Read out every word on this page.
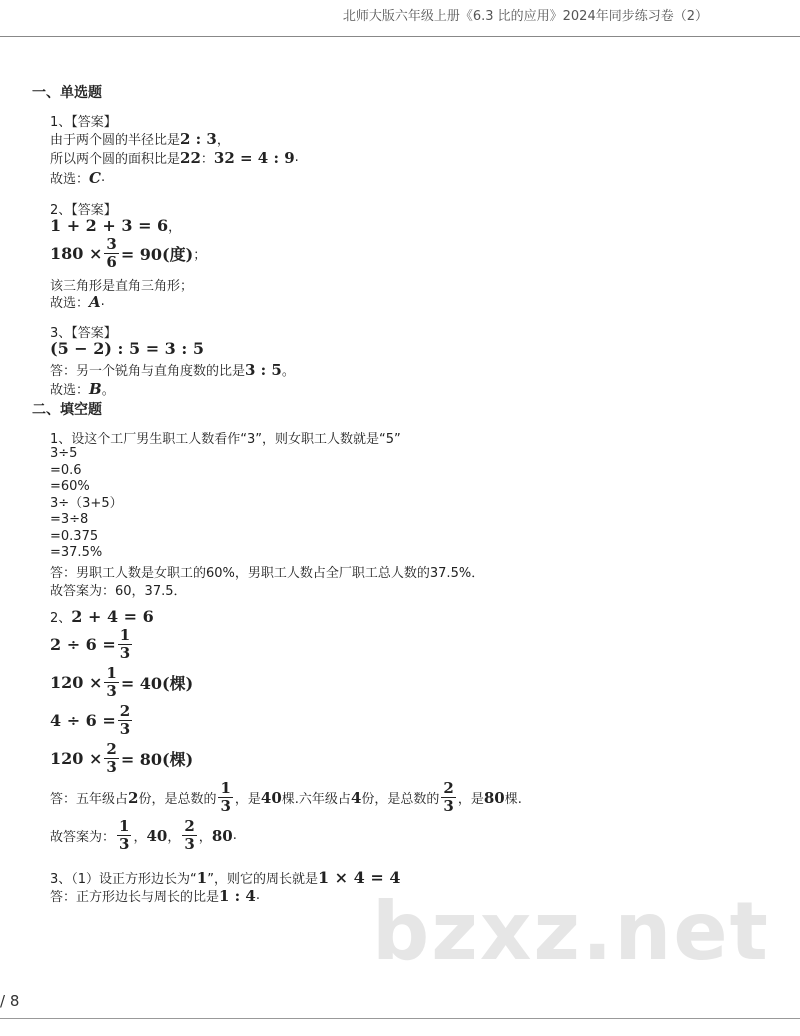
北师大版六年级上册《6.3 比的应用》2024年同步练习卷（2）
一、单选题
1、【答案】
由于两个圆的半径比是 2 : 3 ，
所以两个圆的面积比是 2 2 ： 3 2 = 4 : 9 .
故选： C .
2、【答案】
1 + 2 + 3 = 6 ，
$180 \times \frac{3}{6} = 90$(度) ；
该三角形是直角三角形；
故选： A .
3、【答案】
(5 − 2) : 5 = 3 : 5
答：另一个锐角与直角度数的比是 3 : 5 。
故选： B 。
二、填空题
1、设这个工厂男生职工人数看作“3”，则女职工人数就是“5”
3÷5
=0.6
=60%
3÷（3+5）
=3÷8
=0.375
=37.5%
答：男职工人数是女职工的60%，男职工人数占全厂职工总人数的37.5%．
故答案为：60，37.5．
2、 2 + 4 = 6
$2 \div 6 = \frac{1}{3}$
$120 \times \frac{1}{3} = 40$(棵)
$4 \div 6 = \frac{2}{3}$
$120 \times \frac{2}{3} = 80$(棵)
答：五年级占 2 份，是总数的 $\frac{1}{3}$ ，是 40 棵.六年级占 4 份，是总数的 $\frac{2}{3}$ ，是 80 棵.
故答案为： $\frac{1}{3}$ ， 40 ， $\frac{2}{3}$ ， 80 .
3、（1）设正方形边长为“ 1 ”，则它的周长就是 1 × 4 = 4
答：正方形边长与周长的比是 1 : 4 . bzxz.net
/ 8
